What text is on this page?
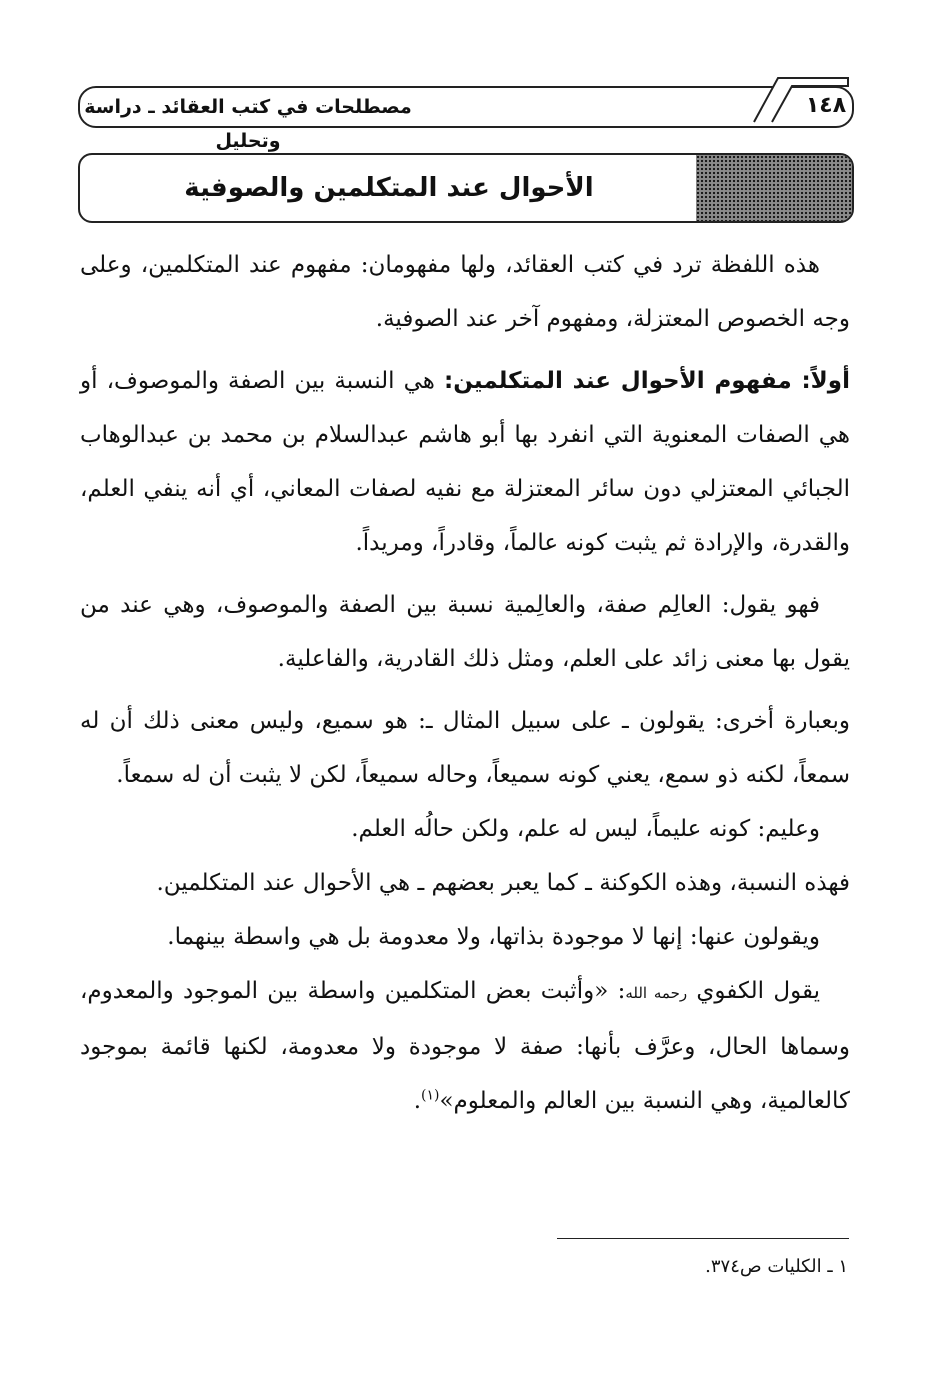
١٤٨
مصطلحات في كتب العقائد ـ دراسة وتحليل
الأحوال عند المتكلمين والصوفية

هذه اللفظة ترد في كتب العقائد، ولها مفهومان: مفهوم عند المتكلمين، وعلى وجه الخصوص المعتزلة، ومفهوم آخر عند الصوفية.

أولاً: مفهوم الأحوال عند المتكلمين: هي النسبة بين الصفة والموصوف، أو هي الصفات المعنوية التي انفرد بها أبو هاشم عبدالسلام بن محمد بن عبدالوهاب الجبائي المعتزلي دون سائر المعتزلة مع نفيه لصفات المعاني، أي أنه ينفي العلم، والقدرة، والإرادة ثم يثبت كونه عالماً، وقادراً، ومريداً.

فهو يقول: العالِم صفة، والعالِمية نسبة بين الصفة والموصوف، وهي عند من يقول بها معنى زائد على العلم، ومثل ذلك القادرية، والفاعلية.

وبعبارة أخرى: يقولون ـ على سبيل المثال ـ: هو سميع، وليس معنى ذلك أن له سمعاً، لكنه ذو سمع، يعني كونه سميعاً، وحاله سميعاً، لكن لا يثبت أن له سمعاً.

وعليم: كونه عليماً، ليس له علم، ولكن حالُه العلم.

فهذه النسبة، وهذه الكوكنة ـ كما يعبر بعضهم ـ هي الأحوال عند المتكلمين.

ويقولون عنها: إنها لا موجودة بذاتها، ولا معدومة بل هي واسطة بينهما.

يقول الكفوي رحمه الله: «وأثبت بعض المتكلمين واسطة بين الموجود والمعدوم، وسماها الحال، وعرَّف بأنها: صفة لا موجودة ولا معدومة، لكنها قائمة بموجود كالعالمية، وهي النسبة بين العالم والمعلوم»$^{(١)}$.

١ ـ الكليات ص٣٧٤.
